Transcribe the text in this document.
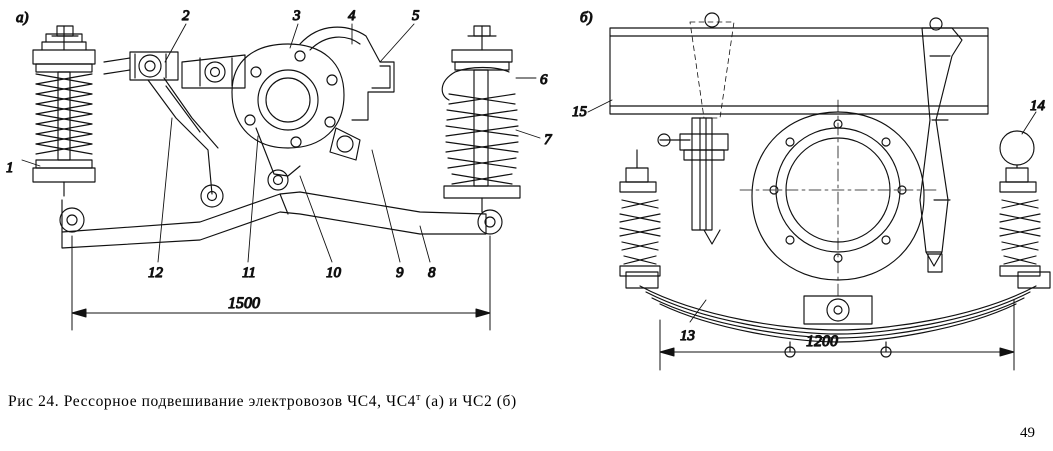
а)	б)
1
2	3	4	5
6
7
8
9
10
11
12
13
14
15
1500
1200
Рис 24. Рессорное подвешивание электровозов ЧС4, $ЧС4^т$ (а) и ЧС2 (б)
49
